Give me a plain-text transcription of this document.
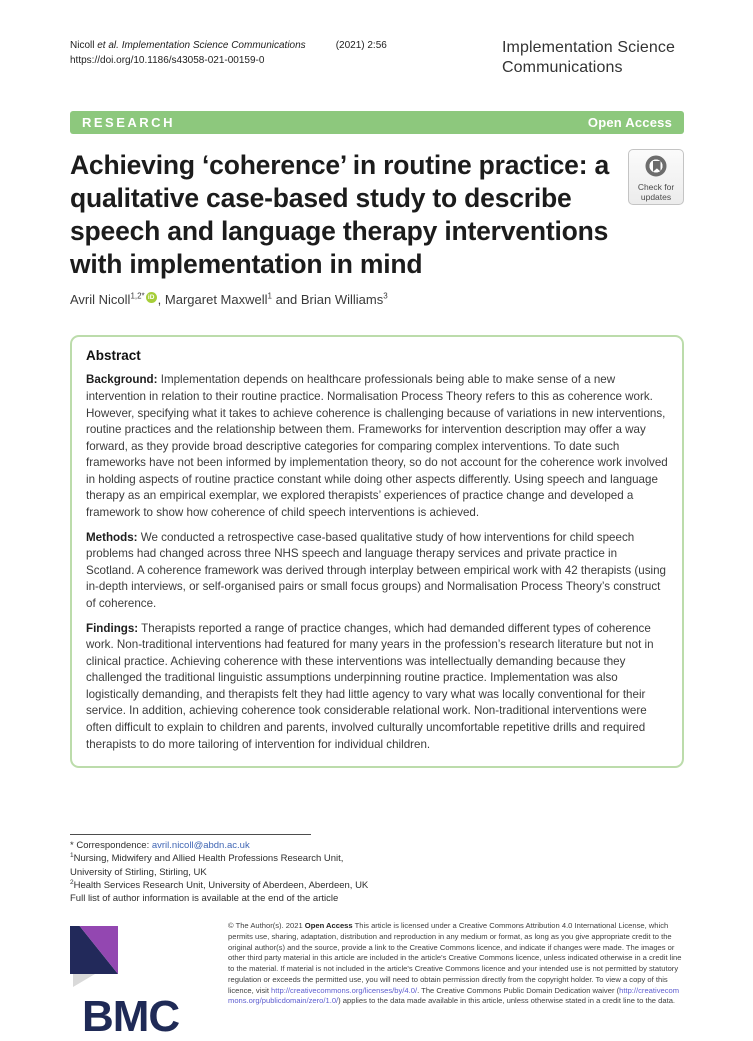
Nicoll et al. Implementation Science Communications	(2021) 2:56
https://doi.org/10.1186/s43058-021-00159-0
Implementation Science Communications
RESEARCH	Open Access
Achieving ‘coherence’ in routine practice: a qualitative case-based study to describe speech and language therapy interventions with implementation in mind
Check for
updates
Avril Nicoll$^{1,2*}$ iD , Margaret Maxwell$^1$ and Brian Williams$^3$
Abstract

Background: Implementation depends on healthcare professionals being able to make sense of a new intervention in relation to their routine practice. Normalisation Process Theory refers to this as coherence work. However, specifying what it takes to achieve coherence is challenging because of variations in new interventions, routine practices and the relationship between them. Frameworks for intervention description may offer a way forward, as they provide broad descriptive categories for comparing complex interventions. To date such frameworks have not been informed by implementation theory, so do not account for the coherence work involved in holding aspects of routine practice constant while doing other aspects differently. Using speech and language therapy as an empirical exemplar, we explored therapists’ experiences of practice change and developed a framework to show how coherence of child speech interventions is achieved.

Methods: We conducted a retrospective case-based qualitative study of how interventions for child speech problems had changed across three NHS speech and language therapy services and private practice in Scotland. A coherence framework was derived through interplay between empirical work with 42 therapists (using in-depth interviews, or self-organised pairs or small focus groups) and Normalisation Process Theory’s construct of coherence.

Findings: Therapists reported a range of practice changes, which had demanded different types of coherence work. Non-traditional interventions had featured for many years in the profession’s research literature but not in clinical practice. Achieving coherence with these interventions was intellectually demanding because they challenged the traditional linguistic assumptions underpinning routine practice. Implementation was also logistically demanding, and therapists felt they had little agency to vary what was locally conventional for their service. In addition, achieving coherence took considerable relational work. Non-traditional interventions were often difficult to explain to children and parents, involved culturally uncomfortable repetitive drills and required therapists to do more tailoring of intervention for individual children.

* Correspondence: avril.nicoll@abdn.ac.uk
$^1$Nursing, Midwifery and Allied Health Professions Research Unit, University of Stirling, Stirling, UK
$^2$Health Services Research Unit, University of Aberdeen, Aberdeen, UK
Full list of author information is available at the end of the article
BMC
© The Author(s). 2021 Open Access This article is licensed under a Creative Commons Attribution 4.0 International License, which permits use, sharing, adaptation, distribution and reproduction in any medium or format, as long as you give appropriate credit to the original author(s) and the source, provide a link to the Creative Commons licence, and indicate if changes were made. The images or other third party material in this article are included in the article's Creative Commons licence, unless indicated otherwise in a credit line to the material. If material is not included in the article's Creative Commons licence and your intended use is not permitted by statutory regulation or exceeds the permitted use, you will need to obtain permission directly from the copyright holder. To view a copy of this licence, visit http://creativecommons.org/licenses/by/4.0/. The Creative Commons Public Domain Dedication waiver (http://creativecommons.org/publicdomain/zero/1.0/) applies to the data made available in this article, unless otherwise stated in a credit line to the data.
